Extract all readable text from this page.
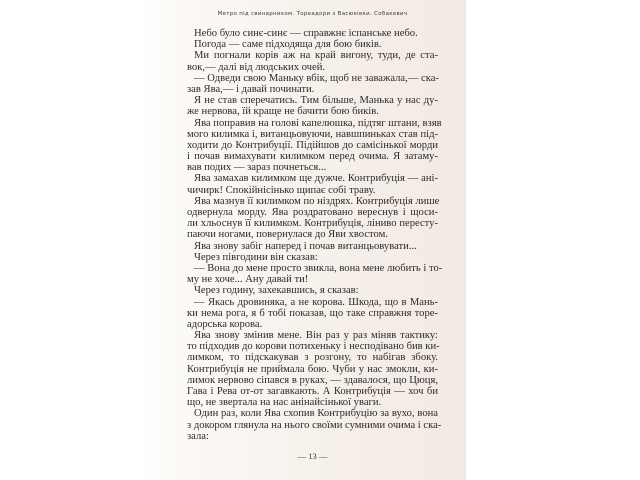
Метро під свинарником. Тореадори з Васюківки. Собакевич
Небо було синє-синє — справжнє іспанське небо.
Погода — саме підходяща для бою биків.
Ми погнали корів аж на край вигону, туди, де ста-
вок,— далі від людських очей.
— Одведи свою Маньку вбік, щоб не заважала,— ска-
зав Ява,— і давай починати.
Я не став сперечатись. Тим більше, Манька у нас ду-
же нервова, їй краще не бачити бою биків.
Ява поправив на голові капелюшка, підтяг штани, взяв
мого килимка і, витанцьовуючи, навшпиньках став під-
ходити до Контрибуції. Підійшов до самісінької морди
і почав вимахувати килимком перед очима. Я затаму-
вав подих — зараз почнеться...
Ява замахав килимком ще дужче. Контрибуція — ані-
чичирк! Спокійнісінько щипає собі траву.
Ява мазнув її килимком по ніздрях. Контрибуція лише
одвернула морду. Ява роздратовано вереснув і щоси-
ли хльоснув її килимком. Контрибуція, ліниво пересту-
паючи ногами, повернулася до Яви хвостом.
Ява знову забіг наперед і почав витанцьовувати...
Через півгодини він сказав:
— Вона до мене просто звикла, вона мене любить і то-
му не хоче... Ану давай ти!
Через годину, захекавшись, я сказав:
— Якась дровиняка, а не корова. Шкода, що в Мань-
ки нема рога, я б тобі показав, що таке справжня торе-
адорська корова.
Ява знову змінив мене. Він раз у раз міняв тактику:
то підходив до корови потихеньку і несподівано бив ки-
лимком, то підскакував з розгону, то набігав збоку.
Контрибуція не приймала бою. Чуби у нас змокли, ки-
лимок нервово сіпався в руках, — здавалося, що Цюця,
Гава і Рева от-от загавкають. А Контрибуція — хоч би
що, не звертала на нас анінайсінької уваги.
Один раз, коли Ява схопив Контрибуцію за вухо, вона
з докором глянула на нього своїми сумними очима і ска-
зала:
— 13 —
